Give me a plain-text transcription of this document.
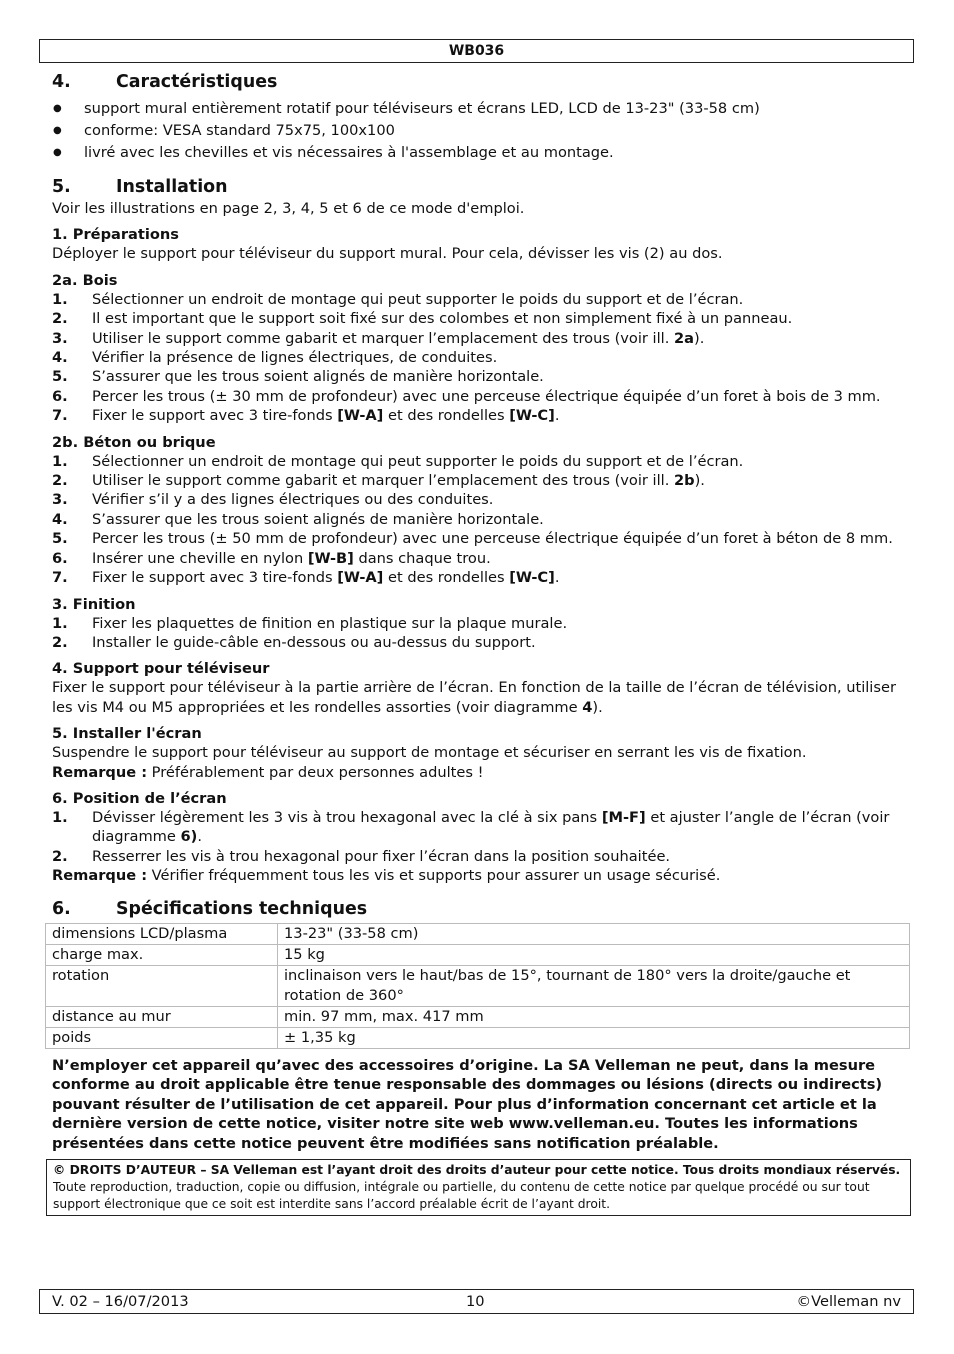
WB036
4.	Caractéristiques
● support mural entièrement rotatif pour téléviseurs et écrans LED, LCD de 13-23" (33-58 cm)
● conforme: VESA standard 75x75, 100x100
● livré avec les chevilles et vis nécessaires à l'assemblage et au montage.
5.	Installation

Voir les illustrations en page 2, 3, 4, 5 et 6 de ce mode d'emploi.

1. Préparations

Déployer le support pour téléviseur du support mural. Pour cela, dévisser les vis (2) au dos.

2a. Bois
1.	Sélectionner un endroit de montage qui peut supporter le poids du support et de l’écran.
2.	Il est important que le support soit fixé sur des colombes et non simplement fixé à un panneau.
3.	Utiliser le support comme gabarit et marquer l’emplacement des trous (voir ill. 2a).
4.	Vérifier la présence de lignes électriques, de conduites.
5.	S’assurer que les trous soient alignés de manière horizontale.
6.	Percer les trous (± 30 mm de profondeur) avec une perceuse électrique équipée d’un foret à bois de 3 mm.
7.	Fixer le support avec 3 tire-fonds [W-A] et des rondelles [W-C].
2b. Béton ou brique
1.	Sélectionner un endroit de montage qui peut supporter le poids du support et de l’écran.
2.	Utiliser le support comme gabarit et marquer l’emplacement des trous (voir ill. 2b).
3.	Vérifier s’il y a des lignes électriques ou des conduites.
4.	S’assurer que les trous soient alignés de manière horizontale.
5.	Percer les trous (± 50 mm de profondeur) avec une perceuse électrique équipée d’un foret à béton de 8 mm.
6.	Insérer une cheville en nylon [W-B] dans chaque trou.
7.	Fixer le support avec 3 tire-fonds [W-A] et des rondelles [W-C].
3. Finition
1.	Fixer les plaquettes de finition en plastique sur la plaque murale.
2.	Installer le guide-câble en-dessous ou au-dessus du support.
4. Support pour téléviseur

Fixer le support pour téléviseur à la partie arrière de l’écran. En fonction de la taille de l’écran de télévision, utiliser les vis M4 ou M5 appropriées et les rondelles assorties (voir diagramme 4).

5. Installer l'écran

Suspendre le support pour téléviseur au support de montage et sécuriser en serrant les vis de fixation.

Remarque : Préférablement par deux personnes adultes !

6. Position de l’écran
1.	Dévisser légèrement les 3 vis à trou hexagonal avec la clé à six pans [M-F] et ajuster l’angle de l’écran (voir diagramme 6).
2.	Resserrer les vis à trou hexagonal pour fixer l’écran dans la position souhaitée.

Remarque : Vérifier fréquemment tous les vis et supports pour assurer un usage sécurisé.

6.	Spécifications techniques
dimensions LCD/plasma	13-23" (33-58 cm)
charge max.	15 kg
rotation	inclinaison vers le haut/bas de 15°, tournant de 180° vers la droite/gauche et rotation de 360°
distance au mur	min. 97 mm, max. 417 mm
poids	± 1,35 kg

N’employer cet appareil qu’avec des accessoires d’origine. La SA Velleman ne peut, dans la mesure conforme au droit applicable être tenue responsable des dommages ou lésions (directs ou indirects) pouvant résulter de l’utilisation de cet appareil. Pour plus d’information concernant cet article et la dernière version de cette notice, visiter notre site web www.velleman.eu. Toutes les informations présentées dans cette notice peuvent être modifiées sans notification préalable.

© DROITS D’AUTEUR – SA Velleman est l’ayant droit des droits d’auteur pour cette notice. Tous droits mondiaux réservés. Toute reproduction, traduction, copie ou diffusion, intégrale ou partielle, du contenu de cette notice par quelque procédé ou sur tout support électronique que ce soit est interdite sans l’accord préalable écrit de l’ayant droit.
V. 02 – 16/07/2013	10	©Velleman nv
